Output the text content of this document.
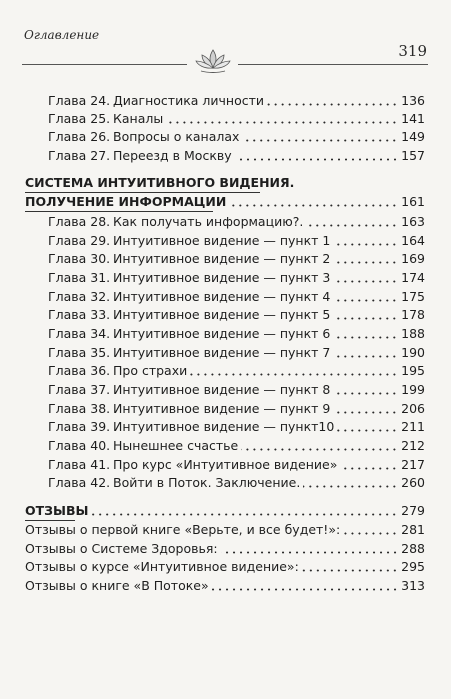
Оглавление
319
Глава 24. Диагностика личности	136
Глава 25. Каналы	141
Глава 26. Вопросы о каналах	149
Глава 27. Переезд в Москву	157
СИСТЕМА ИНТУИТИВНОГО ВИДЕНИЯ.
ПОЛУЧЕНИЕ ИНФОРМАЦИИ	161
Глава 28. Как получать информацию?.	163
Глава 29. Интуитивное видение — пункт 1	164
Глава 30. Интуитивное видение — пункт 2	169
Глава 31. Интуитивное видение — пункт 3	174
Глава 32. Интуитивное видение — пункт 4	175
Глава 33. Интуитивное видение — пункт 5	178
Глава 34. Интуитивное видение — пункт 6	188
Глава 35. Интуитивное видение — пункт 7	190
Глава 36. Про страхи	195
Глава 37. Интуитивное видение — пункт 8	199
Глава 38. Интуитивное видение — пункт 9	206
Глава 39. Интуитивное видение — пункт10	211
Глава 40. Нынешнее счастье	212
Глава 41. Про курс «Интуитивное видение»	217
Глава 42. Войти в Поток. Заключение.	260
ОТЗЫВЫ	279
Отзывы о первой книге «Верьте, и все будет!»:	281
Отзывы о Системе Здоровья:	288
Отзывы о курсе «Интуитивное видение»:	295
Отзывы о книге «В Потоке»	313
